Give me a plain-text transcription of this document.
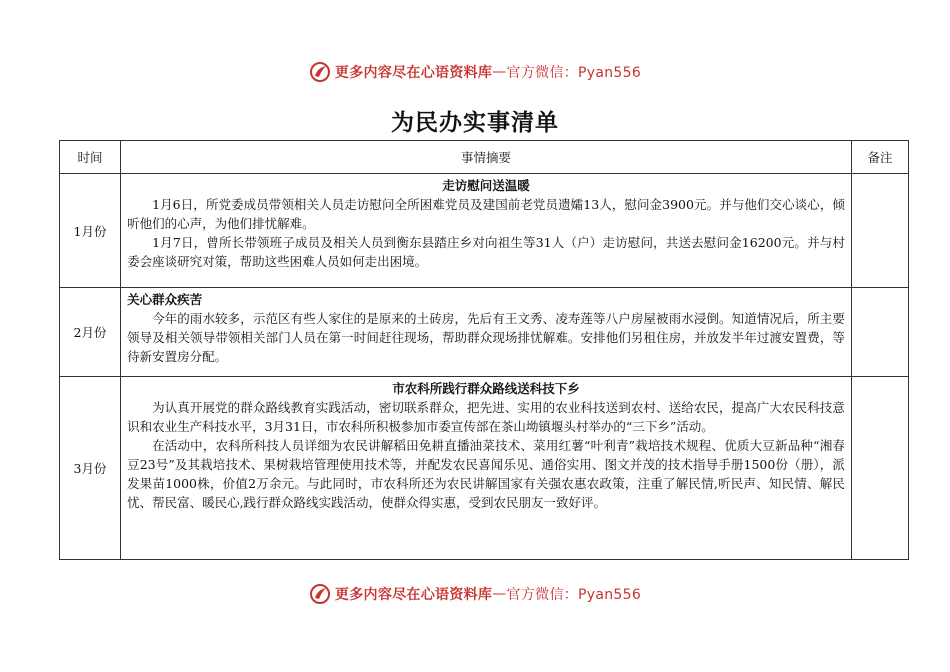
更多内容尽在心语资料库 — 官方微信：Pyan556
为民办实事清单
时间	事情摘要	备注
1月份	走访慰问送温暖

1月6日，所党委成员带领相关人员走访慰问全所困难党员及建国前老党员遗孀13人，慰问金3900元。并与他们交心谈心，倾听他们的心声，为他们排忧解难。

1月7日，曾所长带领班子成员及相关人员到衡东县踏庄乡对向祖生等31人（户）走访慰问，共送去慰问金16200元。并与村委会座谈研究对策，帮助这些困难人员如何走出困境。	

2月份	关心群众疾苦

今年的雨水较多，示范区有些人家住的是原来的土砖房，先后有王文秀、凌寿莲等八户房屋被雨水浸倒。知道情况后，所主要领导及相关领导带领相关部门人员在第一时间赶往现场，帮助群众现场排忧解难。安排他们另租住房，并放发半年过渡安置费，等待新安置房分配。	

3月份	市农科所践行群众路线送科技下乡

为认真开展党的群众路线教育实践活动，密切联系群众，把先进、实用的农业科技送到农村、送给农民，提高广大农民科技意识和农业生产科技水平，3月31日，市农科所积极参加市委宣传部在茶山坳镇堰头村举办的“三下乡”活动。

在活动中，农科所科技人员详细为农民讲解稻田免耕直播油菜技术、菜用红薯“叶利青”栽培技术规程、优质大豆新品种“湘春豆23号”及其栽培技术、果树栽培管理使用技术等，并配发农民喜闻乐见、通俗实用、图文并茂的技术指导手册1500份（册），派发果苗1000株，价值2万余元。与此同时，市农科所还为农民讲解国家有关强农惠农政策，注重了解民情,听民声、知民情、解民忧、帮民富、暖民心,践行群众路线实践活动，使群众得实惠，受到农民朋友一致好评。	

更多内容尽在心语资料库 — 官方微信：Pyan556
